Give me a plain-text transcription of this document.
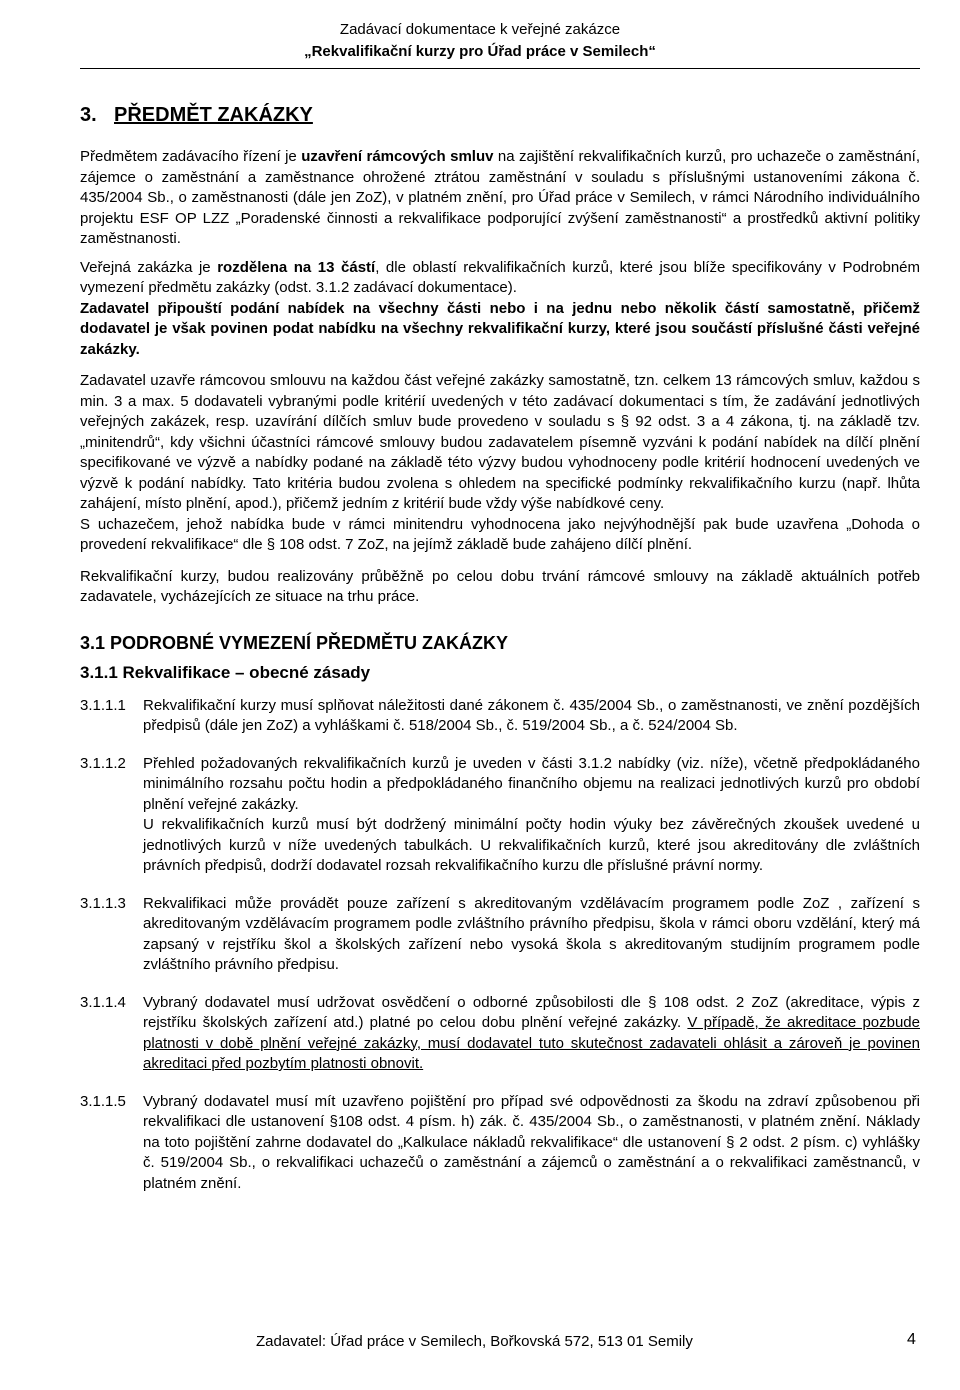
Zadávací dokumentace k veřejné zakázce
„Rekvalifikační kurzy pro Úřad práce v Semilech“
3. PŘEDMĚT ZAKÁZKY

Předmětem zadávacího řízení je uzavření rámcových smluv na zajištění rekvalifikačních kurzů, pro uchazeče o zaměstnání, zájemce o zaměstnání a zaměstnance ohrožené ztrátou zaměstnání v souladu s příslušnými ustanoveními zákona č. 435/2004 Sb., o zaměstnanosti (dále jen ZoZ), v platném znění, pro Úřad práce v Semilech, v rámci Národního individuálního projektu ESF OP LZZ „Poradenské činnosti a rekvalifikace podporující zvýšení zaměstnanosti“ a prostředků aktivní politiky zaměstnanosti.

Veřejná zakázka je rozdělena na 13 částí, dle oblastí rekvalifikačních kurzů, které jsou blíže specifikovány v Podrobném vymezení předmětu zakázky (odst. 3.1.2 zadávací dokumentace).

Zadavatel připouští podání nabídek na všechny části nebo i na jednu nebo několik částí samostatně, přičemž dodavatel je však povinen podat nabídku na všechny rekvalifikační kurzy, které jsou součástí příslušné části veřejné zakázky.

Zadavatel uzavře rámcovou smlouvu na každou část veřejné zakázky samostatně, tzn. celkem 13 rámcových smluv, každou s min. 3 a max. 5 dodavateli vybranými podle kritérií uvedených v této zadávací dokumentaci s tím, že zadávání jednotlivých veřejných zakázek, resp. uzavírání dílčích smluv bude provedeno v souladu s § 92 odst. 3 a 4 zákona, tj. na základě tzv. „minitendrů“, kdy všichni účastníci rámcové smlouvy budou zadavatelem písemně vyzváni k podání nabídek na dílčí plnění specifikované ve výzvě a nabídky podané na základě této výzvy budou vyhodnoceny podle kritérií hodnocení uvedených ve výzvě k podání nabídky. Tato kritéria budou zvolena s ohledem na specifické podmínky rekvalifikačního kurzu (např. lhůta zahájení, místo plnění, apod.), přičemž jedním z kritérií bude vždy výše nabídkové ceny.

S uchazečem, jehož nabídka bude v rámci minitendru vyhodnocena jako nejvýhodnější pak bude uzavřena „Dohoda o provedení rekvalifikace“ dle § 108 odst. 7 ZoZ, na jejímž základě bude zahájeno dílčí plnění.

Rekvalifikační kurzy, budou realizovány průběžně po celou dobu trvání rámcové smlouvy na základě aktuálních potřeb zadavatele, vycházejících ze situace na trhu práce.

3.1 PODROBNÉ VYMEZENÍ PŘEDMĚTU ZAKÁZKY
3.1.1 Rekvalifikace – obecné zásady
3.1.1.1	Rekvalifikační kurzy musí splňovat náležitosti dané zákonem č. 435/2004 Sb., o zaměstnanosti, ve znění pozdějších předpisů (dále jen ZoZ) a vyhláškami č. 518/2004 Sb., č. 519/2004 Sb., a č. 524/2004 Sb.
3.1.1.2	Přehled požadovaných rekvalifikačních kurzů je uveden v části 3.1.2 nabídky (viz. níže), včetně předpokládaného minimálního rozsahu počtu hodin a předpokládaného finančního objemu na realizaci jednotlivých kurzů pro období plnění veřejné zakázky.
U rekvalifikačních kurzů musí být dodržený minimální počty hodin výuky bez závěrečných zkoušek uvedené u jednotlivých kurzů v níže uvedených tabulkách. U rekvalifikačních kurzů, které jsou akreditovány dle zvláštních právních předpisů, dodrží dodavatel rozsah rekvalifikačního kurzu dle příslušné právní normy.
3.1.1.3	Rekvalifikaci může provádět pouze zařízení s akreditovaným vzdělávacím programem podle ZoZ , zařízení s akreditovaným vzdělávacím programem podle zvláštního právního předpisu, škola v rámci oboru vzdělání, který má zapsaný v rejstříku škol a školských zařízení nebo vysoká škola s akreditovaným studijním programem podle zvláštního právního předpisu.
3.1.1.4	Vybraný dodavatel musí udržovat osvědčení o odborné způsobilosti dle § 108 odst. 2 ZoZ (akreditace, výpis z rejstříku školských zařízení atd.) platné po celou dobu plnění veřejné zakázky. V případě, že akreditace pozbude platnosti v době plnění veřejné zakázky, musí dodavatel tuto skutečnost zadavateli ohlásit a zároveň je povinen akreditaci před pozbytím platnosti obnovit.
3.1.1.5	Vybraný dodavatel musí mít uzavřeno pojištění pro případ své odpovědnosti za škodu na zdraví způsobenou při rekvalifikaci dle ustanovení §108 odst. 4 písm. h) zák. č. 435/2004 Sb., o zaměstnanosti, v platném znění. Náklady na toto pojištění zahrne dodavatel do „Kalkulace nákladů rekvalifikace“ dle ustanovení § 2 odst. 2 písm. c) vyhlášky č. 519/2004 Sb., o rekvalifikaci uchazečů o zaměstnání a zájemců o zaměstnání a o rekvalifikaci zaměstnanců, v platném znění.
Zadavatel: Úřad práce v Semilech, Bořkovská 572, 513 01 Semily	4
